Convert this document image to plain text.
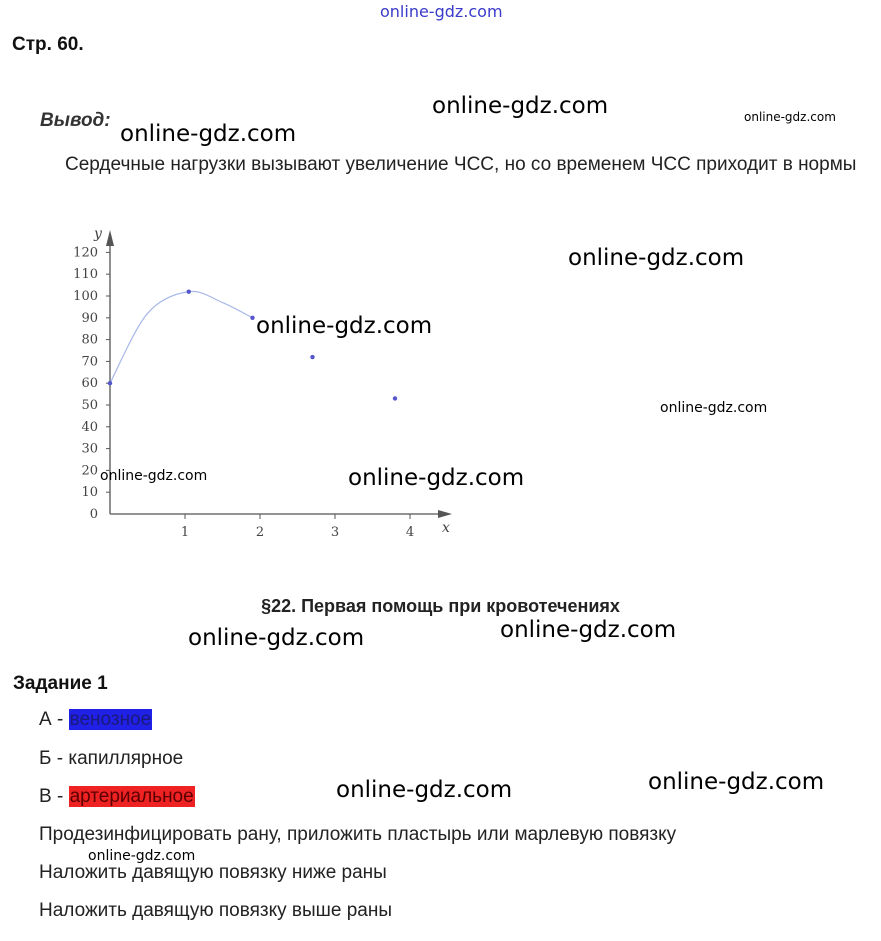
online-gdz.com
Стр. 60.
Вывод:
Сердечные нагрузки вызывают увеличение ЧСС, но со временем ЧСС приходит в нормы
x
y
0
10
20
30
40
50
60
70
80
90
100
110
120
1	2	3	4
§22. Первая помощь при кровотечениях
Задание 1
А - венозное
Б - капиллярное
В - артериальное
Продезинфицировать рану, приложить пластырь или марлевую повязку
Наложить давящую повязку ниже раны
Наложить давящую повязку выше раны
online-gdz.com	online-gdz.com
online-gdz.com
online-gdz.com
online-gdz.com
online-gdz.com
online-gdz.com	online-gdz.com
online-gdz.com
online-gdz.com
online-gdz.com
online-gdz.com
online-gdz.com
